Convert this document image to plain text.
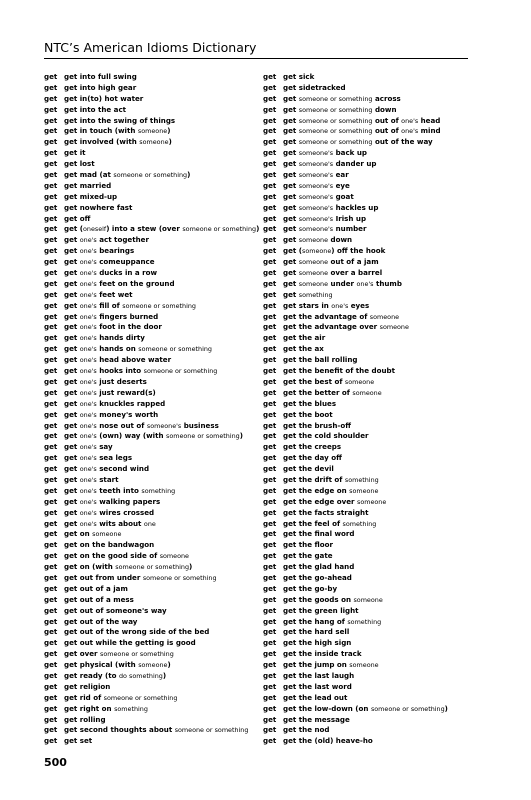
NTC’s American Idioms Dictionary
get get into full swing
get get into high gear
get get in(to) hot water
get get into the act
get get into the swing of things
get get in touch (with someone)
get get involved (with someone)
get get it
get get lost
get get mad (at someone or something)
get get married
get get mixed-up
get get nowhere fast
get get off
get get (oneself) into a stew (over someone or something)
get get one's act together
get get one's bearings
get get one's comeuppance
get get one's ducks in a row
get get one's feet on the ground
get get one's feet wet
get get one's fill of someone or something
get get one's fingers burned
get get one's foot in the door
get get one's hands dirty
get get one's hands on someone or something
get get one's head above water
get get one's hooks into someone or something
get get one's just deserts
get get one's just reward(s)
get get one's knuckles rapped
get get one's money's worth
get get one's nose out of someone's business
get get one's (own) way (with someone or something)
get get one's say
get get one's sea legs
get get one's second wind
get get one's start
get get one's teeth into something
get get one's walking papers
get get one's wires crossed
get get one's wits about one
get get on someone
get get on the bandwagon
get get on the good side of someone
get get on (with someone or something)
get get out from under someone or something
get get out of a jam
get get out of a mess
get get out of someone's way
get get out of the way
get get out of the wrong side of the bed
get get out while the getting is good
get get over someone or something
get get physical (with someone)
get get ready (to do something)
get get religion
get get rid of someone or something
get get right on something
get get rolling
get get second thoughts about someone or something
get get set
get get sick
get get sidetracked
get get someone or something across
get get someone or something down
get get someone or something out of one's head
get get someone or something out of one's mind
get get someone or something out of the way
get get someone's back up
get get someone's dander up
get get someone's ear
get get someone's eye
get get someone's goat
get get someone's hackles up
get get someone's Irish up
get get someone's number
get get someone down
get get (someone) off the hook
get get someone out of a jam
get get someone over a barrel
get get someone under one's thumb
get get something
get get stars in one's eyes
get get the advantage of someone
get get the advantage over someone
get get the air
get get the ax
get get the ball rolling
get get the benefit of the doubt
get get the best of someone
get get the better of someone
get get the blues
get get the boot
get get the brush-off
get get the cold shoulder
get get the creeps
get get the day off
get get the devil
get get the drift of something
get get the edge on someone
get get the edge over someone
get get the facts straight
get get the feel of something
get get the final word
get get the floor
get get the gate
get get the glad hand
get get the go-ahead
get get the go-by
get get the goods on someone
get get the green light
get get the hang of something
get get the hard sell
get get the high sign
get get the inside track
get get the jump on someone
get get the last laugh
get get the last word
get get the lead out
get get the low-down (on someone or something)
get get the message
get get the nod
get get the (old) heave-ho
500
